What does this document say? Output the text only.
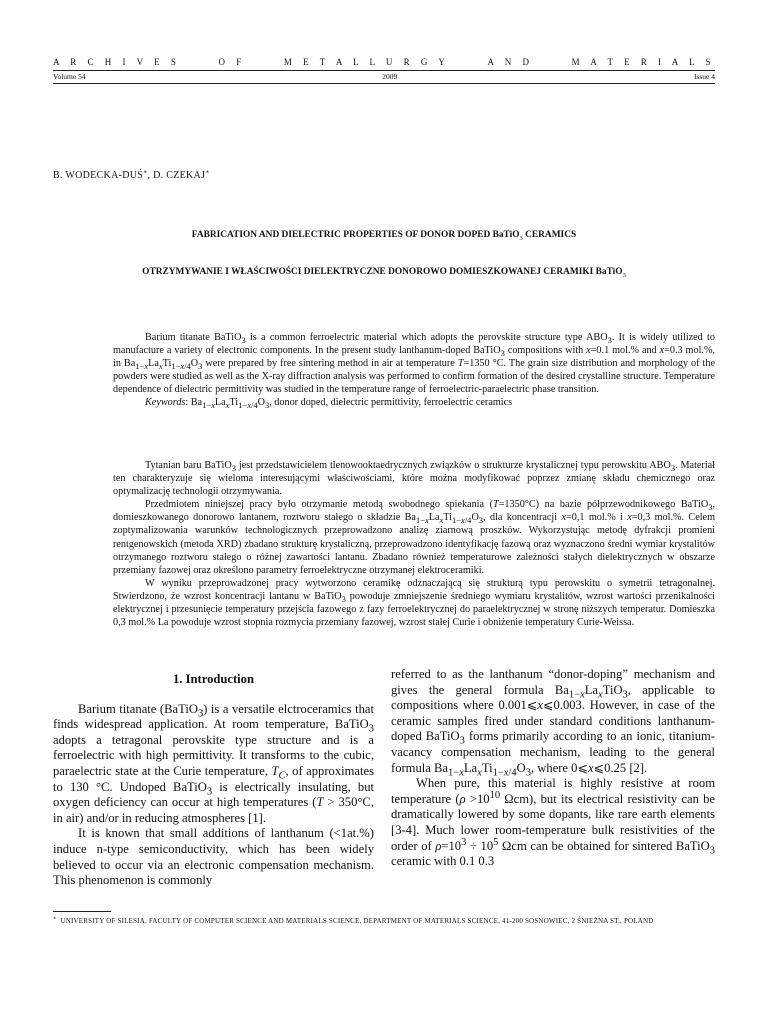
A R C H I V E S	O F	M E T A L L U R G Y	A N D	M A T E R I A L S
Volume 54	2009	Issue 4
B. WODECKA-DUŚ∗, D. CZEKAJ∗
FABRICATION AND DIELECTRIC PROPERTIES OF DONOR DOPED BaTiO$_3$ CERAMICS
OTRZYMYWANIE I WŁAŚCIWOŚCI DIELEKTRYCZNE DONOROWO DOMIESZKOWANEJ CERAMIKI BaTiO$_3$

Barium titanate BaTiO$_3$ is a common ferroelectric material which adopts the perovskite structure type $ABO_3$. It is widely utilized to manufacture a variety of electronic components. In the present study lanthanum-doped BaTiO$_3$ compositions with x=0.1 mol.% and x=0.3 mol.%, in $Ba_{1-x}La_xTi_{1-x/4}O_3$ were prepared by free sintering method in air at temperature T=1350 °C. The grain size distribution and morphology of the powders were studied as well as the X-ray diffraction analysis was performed to confirm formation of the desired crystalline structure. Temperature dependence of dielectric permittivity was studied in the temperature range of ferroelectric-paraelectric phase transition.

Keywords: $Ba_{1-x}La_xTi_{1-x/4}O_3$, donor doped, dielectric permittivity, ferroelectric ceramics

Tytanian baru BaTiO$_3$ jest przedstawicielem tlenowooktaedrycznych związków o strukturze krystalicznej typu perowskitu $ABO_3$. Materiał ten charakteryzuje się wieloma interesującymi właściwościami, które można modyfikować poprzez zmianę składu chemicznego oraz optymalizację technologii otrzymywania.

Przedmiotem niniejszej pracy było otrzymanie metodą swobodnego spiekania (T=1350°C) na bazie półprzewodnikowego BaTiO$_3$, domieszkowanego donorowo lantanem, roztworu stałego o składzie $Ba_{1-x}La_xTi_{1-x/4}O_3$, dla koncentracji x=0,1 mol.% i x=0,3 mol.%. Celem zoptymalizowania warunków technologicznych przeprowadzono analizę ziarnową proszków. Wykorzystując metodę dyfrakcji promieni rentgenowskich (metoda XRD) zbadano strukturę krystaliczną, przeprowadzono identyfikację fazową oraz wyznaczono średni wymiar krystalitów otrzymanego roztworu stałego o różnej zawartości lantanu. Zbadano również temperaturowe zależności stałych dielektrycznych w obszarze przemiany fazowej oraz określono parametry ferroelektryczne otrzymanej elektroceramiki.

W wyniku przeprowadzonej pracy wytworzono ceramikę odznaczającą się strukturą typu perowskitu o symetrii tetragonalnej. Stwierdzono, że wzrost koncentracji lantanu w BaTiO$_3$ powoduje zmniejszenie średniego wymiaru krystalitów, wzrost wartości przenikalności elektrycznej i przesunięcie temperatury przejścia fazowego z fazy ferroelektrycznej do paraelektrycznej w stronę niższych temperatur. Domieszka 0,3 mol.% La powoduje wzrost stopnia rozmycia przemiany fazowej, wzrost stałej Curie i obniżenie temperatury Curie-Weissa.

1. Introduction

Barium titanate (BaTiO$_3$) is a versatile elctroceramics that finds widespread application. At room temperature, BaTiO$_3$ adopts a tetragonal perovskite type structure and is a ferroelectric with high permittivity. It transforms to the cubic, paraelectric state at the Curie temperature, $T_C$, of approximates to 130 °C. Undoped BaTiO$_3$ is electrically insulating, but oxygen deficiency can occur at high temperatures (T > 350°C, in air) and/or in reducing atmospheres [1].

It is known that small additions of lanthanum (<1at.%) induce n-type semiconductivity, which has been widely believed to occur via an electronic compensation mechanism. This phenomenon is commonly

referred to as the lanthanum “donor-doping” mechanism and gives the general formula $Ba_{1-x}La_xTiO_3$, applicable to compositions where 0.001⩽x⩽0.003. However, in case of the ceramic samples fired under standard conditions lanthanum-doped BaTiO$_3$ forms primarily according to an ionic, titanium-vacancy compensation mechanism, leading to the general formula $Ba_{1-x}La_xTi_{1-x/4}O_3$, where 0⩽x⩽0.25 [2].

When pure, this material is highly resistive at room temperature ($\rho >10^{10}$ Ωcm), but its electrical resistivity can be dramatically lowered by some dopants, like rare earth elements [3-4]. Much lower room-temperature bulk resistivities of the order of $\rho=10^3 \div 10^5$ Ωcm can be obtained for sintered BaTiO$_3$ ceramic with 0.1 0.3

∗ UNIVERSITY OF SILESIA, FACULTY OF COMPUTER SCIENCE AND MATERIALS SCIENCE, DEPARTMENT OF MATERIALS SCIENCE, 41-200 SOSNOWIEC, 2 ŚNIEŻNA ST., POLAND
